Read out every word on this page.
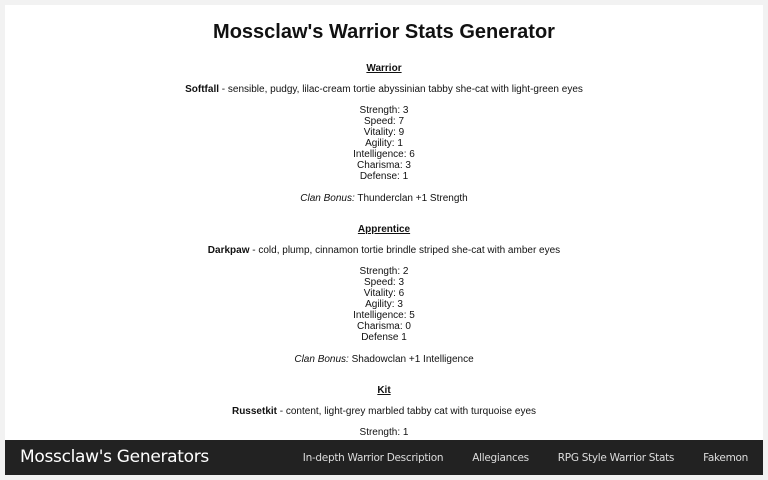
Mossclaw's Warrior Stats Generator

Warrior

Softfall - sensible, pudgy, lilac-cream tortie abyssinian tabby she-cat with light-green eyes

Strength: 3
Speed: 7
Vitality: 9
Agility: 1
Intelligence: 6
Charisma: 3
Defense: 1

Clan Bonus: Thunderclan +1 Strength

Apprentice

Darkpaw - cold, plump, cinnamon tortie brindle striped she-cat with amber eyes

Strength: 2
Speed: 3
Vitality: 6
Agility: 3
Intelligence: 5
Charisma: 0
Defense 1

Clan Bonus: Shadowclan +1 Intelligence

Kit

Russetkit - content, light-grey marbled tabby cat with turquoise eyes

Strength: 1
Mossclaw's Generators	In-depth Warrior Description	Allegiances	RPG Style Warrior Stats	Fakemon
